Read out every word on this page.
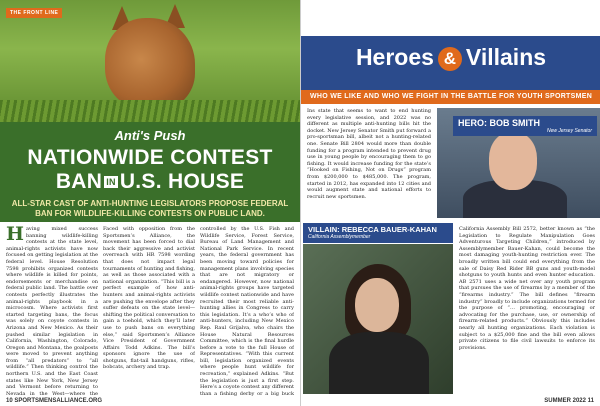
THE FRONT LINE
Anti's Push
NATIONWIDE CONTEST
BAN IN U.S. HOUSE
ALL-STAR CAST OF ANTI-HUNTING LEGISLATORS PROPOSE FEDERAL BAN FOR WILDLIFE-KILLING CONTESTS ON PUBLIC LAND.
Having mixed success banning wildlife-killing contests at the state level, animal-rights activists have now focused on getting legislation at the federal level. House Resolution 7598 prohibits organized contests where wildlife is killed for points, endorsements or merchandise on federal public land. The battle over contests perfectly illustrates the animal-rights playbook in a microcosm. Where activists first started targeting bans, the focus was solely on coyote contests in Arizona and New Mexico. As their pushed similar legislation in California, Washington, Colorado, Oregon and Montana, the goalposts were moved to prevent anything from “all predators” to “all wildlife.” Then thinking control the northern U.S. and the East Coast states like New York, New Jersey and Vermont before returning to Nevada in the West—where the
Faced with opposition from the Sportsmen’s Alliance, the movement has been forced to dial back their aggressive and activist overreach with HR 7598 wording that does not impact legal tournaments of hunting and fishing, as well as those associated with a national organization. “This bill is a perfect example of how anti-hunters and animal-rights activists are pushing the envelope after they suffer defeats on the state level—shifting the political conversation to gain a toehold, which they’ll later use to push bans on everything else,” said Sportsmen’s Alliance Vice President of Government Affairs Todd Adkins. The bill’s sponsors ignore the use of shotguns, flat-tail handguns, rifles, bobcats, archery and trap.
controlled by the U.S. Fish and Wildlife Service, Forest Service, Bureau of Land Management and National Park Service. In recent years, the federal government has been moving toward policies for management plans involving species that are not migratory or endangered. However, now national animal-rights groups have targeted wildlife contest nationwide and have recruited their most reliable anti-hunting allies in Congress to carry this legislation. It’s a who’s who of anti-hunters, including New Mexico Rep. Raul Grijalva, who chairs the House Natural Resources Committee, which is the final hurdle before a vote to the full House of Representatives. “With this current bill, legislation organized events where people hunt wildlife for recreation,” explained Adkins. “But the legislation is just a first step. Here’s a coyote contest any different than a fishing derby or a big buck
10 SPORTSMENSALLIANCE.ORG
Heroes & Villains
WHO WE LIKE AND WHO WE FIGHT IN THE BATTLE FOR YOUTH SPORTSMEN
Ins state that seems to want to end hunting every legislative session, and 2022 was no different as multiple anti-hunting bills hit the docket. New Jersey Senator Smith put forward a pro-sportsman bill, albeit not a hunting-related one. Senate Bill 2804 would more than double funding for a program intended to prevent drug use in young people by encouraging them to go fishing. It would increase funding for the state’s “Hooked on Fishing, Not on Drugs” program from $200,000 to $485,000. The program, started in 2012, has expanded into 12 cities and would augment state and national efforts to recruit new sportsmen.
HERO: BOB SMITH
New Jersey Senator
VILLAIN: REBECCA BAUER-KAHAN
California Assemblymember
California Assembly Bill 2572, better known as “the Legislation to Regulate Manipulation Goes Adventurous Targeting Children,” introduced by Assemblymember Bauer-Kahan, could become the most damaging youth-hunting restriction ever. The broadly written bill could end everything from the sale of Daisy Red Rider BB guns and youth-model shotguns to youth hunts and even hunter education. AB 2571 uses a wide net over any youth program that pursues the use of firearms by a member of the “firearms industry.” The bill defines “firearm industry” broadly to include organizations termed for the purpose of “… promoting, encouraging or advocating for the purchase, use, or ownership of firearm-related products.” Obviously this includes nearly all hunting organizations. Each violation is subject to a $25,000 fine and the bill even allows private citizens to file civil lawsuits to enforce its provisions.
SUMMER 2022 11
